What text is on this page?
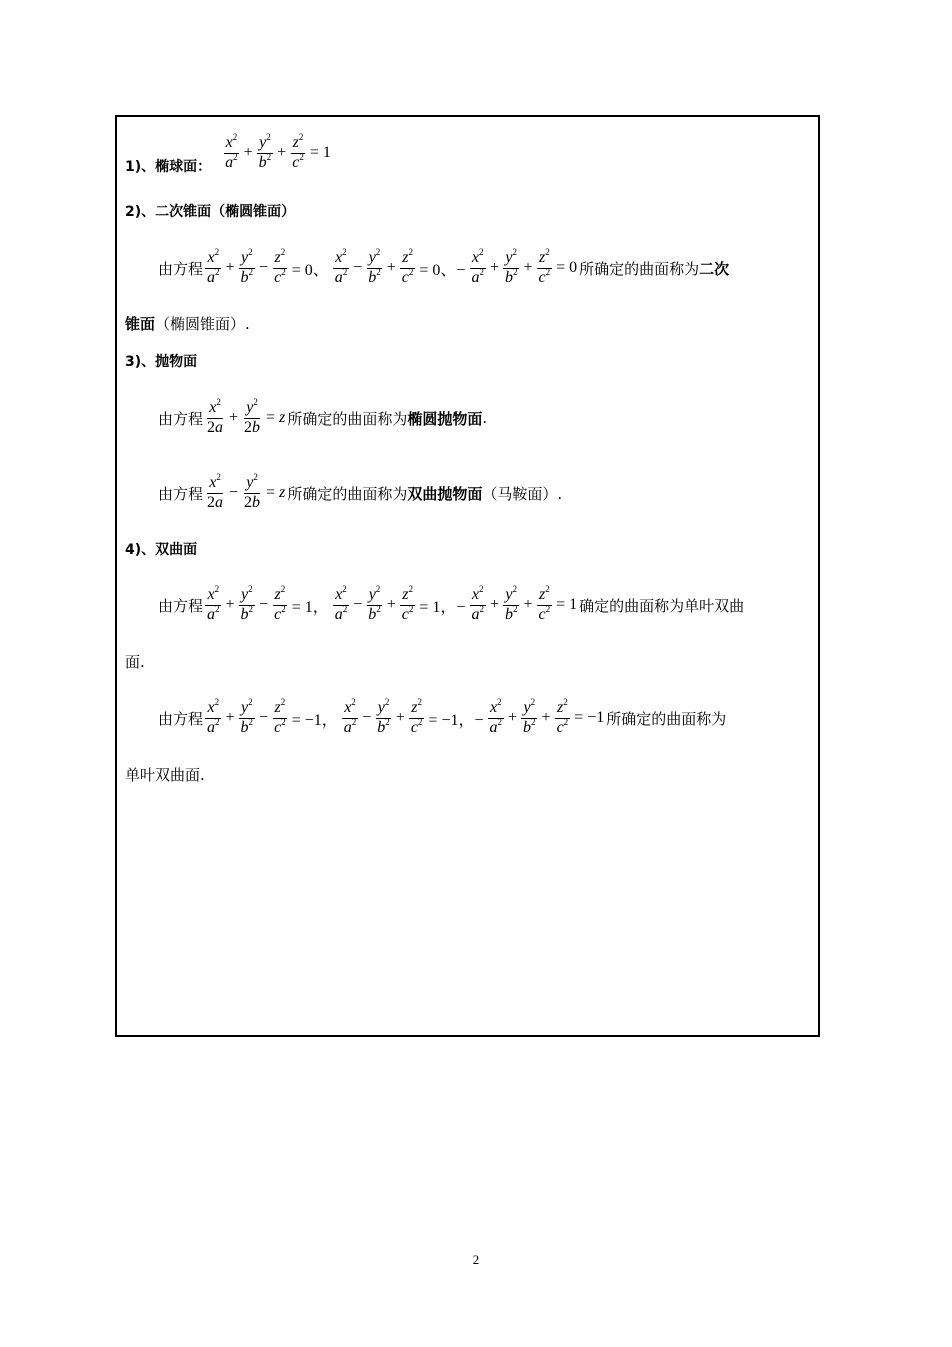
1)、椭球面： $\frac{x^2}{a^2} + \frac{y^2}{b^2} + \frac{z^2}{c^2} = 1$
2)、二次锥面（椭圆锥面）
由方程 $\frac{x^2}{a^2} + \frac{y^2}{b^2} - \frac{z^2}{c^2} = 0$、 $\frac{x^2}{a^2} - \frac{y^2}{b^2} + \frac{z^2}{c^2} = 0$、− $\frac{x^2}{a^2} + \frac{y^2}{b^2} + \frac{z^2}{c^2} = 0$ 所确定的曲面称为 二次
锥面 （椭圆锥面）.
3)、抛物面
由方程 $\frac{x^2}{2a} + \frac{y^2}{2b} = z$ 所确定的曲面称为 椭圆抛物面 .
由方程 $\frac{x^2}{2a} - \frac{y^2}{2b} = z$ 所确定的曲面称为 双曲抛物面 （马鞍面）.
4)、双曲面
由方程 $\frac{x^2}{a^2} + \frac{y^2}{b^2} - \frac{z^2}{c^2} = 1$， $\frac{x^2}{a^2} - \frac{y^2}{b^2} + \frac{z^2}{c^2} = 1$，− $\frac{x^2}{a^2} + \frac{y^2}{b^2} + \frac{z^2}{c^2} = 1$ 确定的曲面称为单叶双曲
面.
由方程 $\frac{x^2}{a^2} + \frac{y^2}{b^2} - \frac{z^2}{c^2} = -1$， $\frac{x^2}{a^2} - \frac{y^2}{b^2} + \frac{z^2}{c^2} = -1$，− $\frac{x^2}{a^2} + \frac{y^2}{b^2} + \frac{z^2}{c^2} = -1$ 所确定的曲面称为
单叶双曲面.
2
